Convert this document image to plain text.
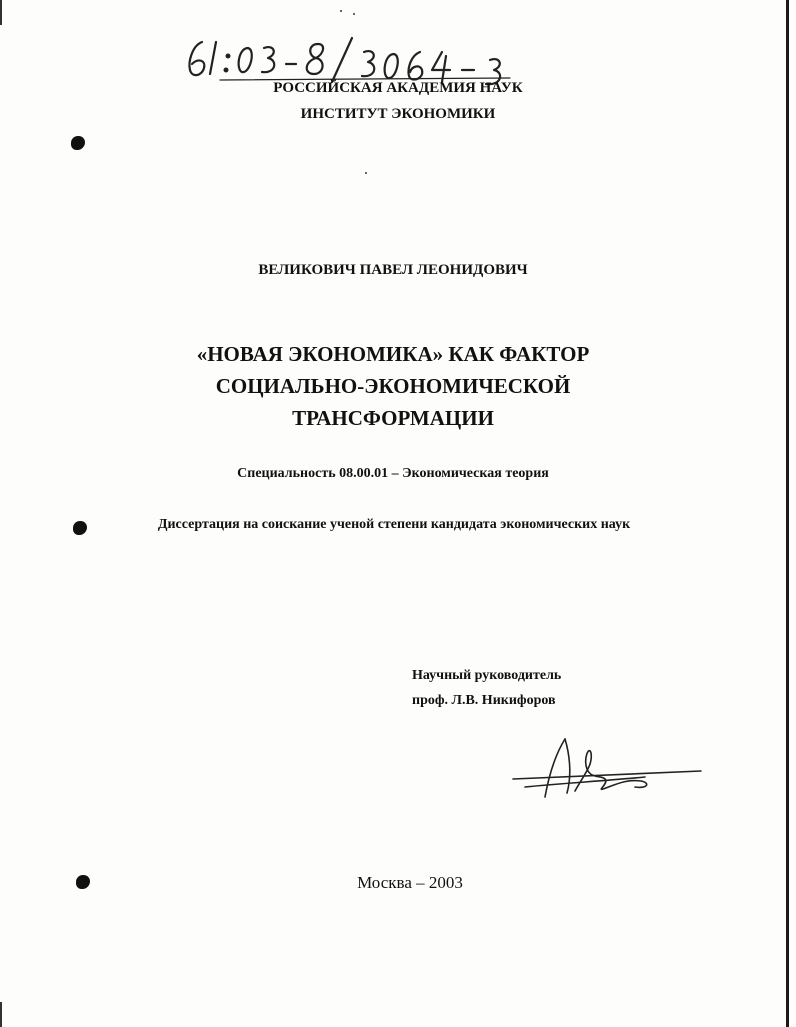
РОССИЙСКАЯ АКАДЕМИЯ НАУК

ИНСТИТУТ ЭКОНОМИКИ

ВЕЛИКОВИЧ ПАВЕЛ ЛЕОНИДОВИЧ

«НОВАЯ ЭКОНОМИКА» КАК ФАКТОР
СОЦИАЛЬНО-ЭКОНОМИЧЕСКОЙ
ТРАНСФОРМАЦИИ

Специальность 08.00.01 – Экономическая теория

Диссертация на соискание ученой степени кандидата экономических наук

Научный руководитель

проф. Л.В. Никифоров

Москва – 2003
